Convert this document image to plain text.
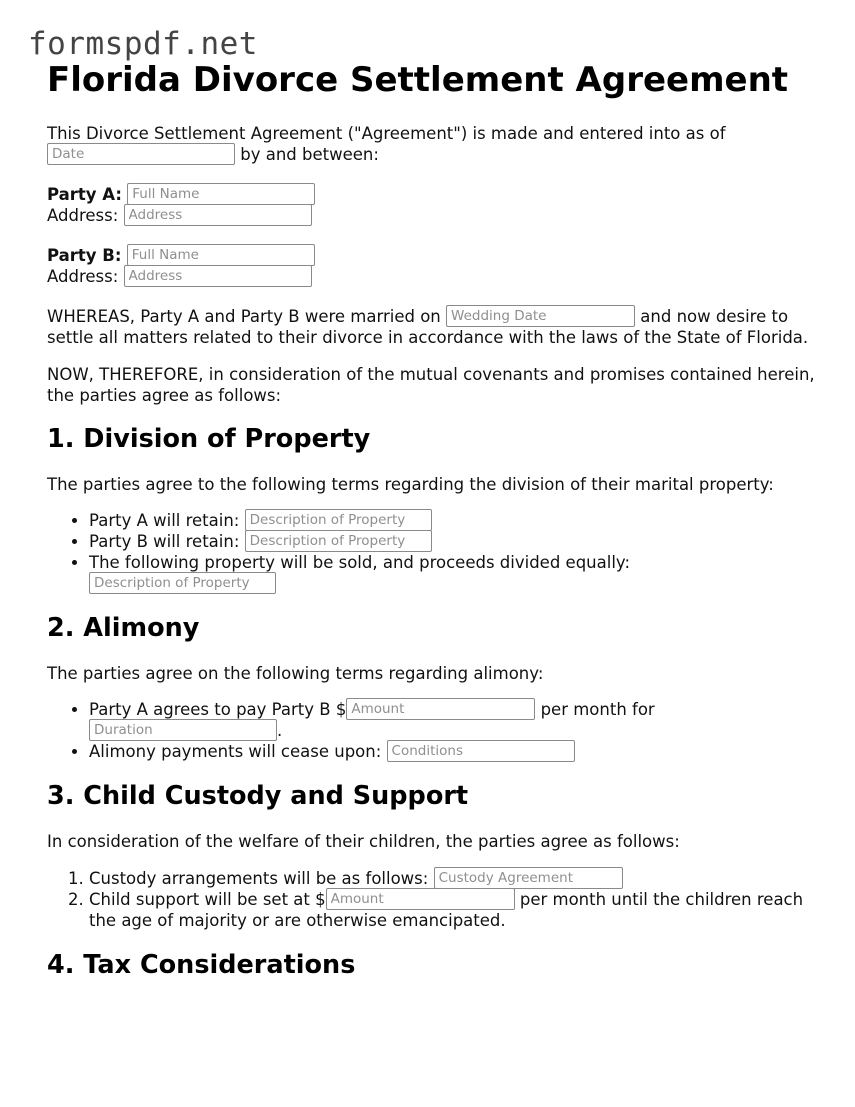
formspdf.net
Florida Divorce Settlement Agreement

This Divorce Settlement Agreement ("Agreement") is made and entered into as of
Date by and between:

Party A: Full Name
Address: Address

Party B: Full Name
Address: Address

WHEREAS, Party A and Party B were married on Wedding Date	and now desire to settle all matters related to their divorce in accordance with the laws of the State of Florida.

NOW, THEREFORE, in consideration of the mutual covenants and promises contained herein, the parties agree as follows:

1. Division of Property

The parties agree to the following terms regarding the division of their marital property:

• Party A will retain: Description of Property
• Party B will retain: Description of Property
• The following property will be sold, and proceeds divided equally:
Description of Property
2. Alimony

The parties agree on the following terms regarding alimony:

• Party A agrees to pay Party B $Amount	per month for
Duration.
• Alimony payments will cease upon: Conditions
3. Child Custody and Support

In consideration of the welfare of their children, the parties agree as follows:

1. Custody arrangements will be as follows: Custody Agreement
2. Child support will be set at $Amount	per month until the children reach the age of majority or are otherwise emancipated.
4. Tax Considerations
